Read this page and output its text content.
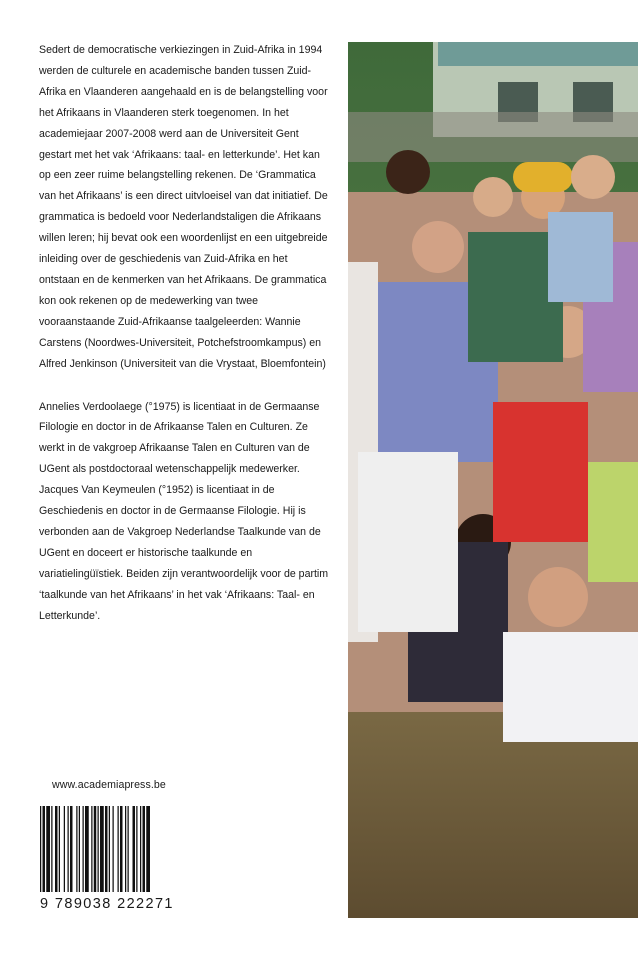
Sedert de democratische verkiezingen in Zuid-Afrika in 1994 werden de culturele en academische banden tussen Zuid-Afrika en Vlaanderen aangehaald en is de belangstelling voor het Afrikaans in Vlaanderen sterk toegenomen. In het academiejaar 2007-2008 werd aan de Universiteit Gent gestart met het vak ‘Afrikaans: taal- en letterkunde’. Het kan op een zeer ruime belangstelling rekenen. De ‘Grammatica van het Afrikaans’ is een direct uitvloeisel van dat initiatief. De grammatica is bedoeld voor Nederlandstaligen die Afrikaans willen leren; hij bevat ook een woordenlijst en een uitgebreide inleiding over de geschiedenis van Zuid-Afrika en het ontstaan en de kenmerken van het Afrikaans. De grammatica kon ook rekenen op de medewerking van twee vooraanstaande Zuid-Afrikaanse taalgeleerden: Wannie Carstens (Noordwes-Universiteit, Potchefstroomkampus) en Alfred Jenkinson (Universiteit van die Vrystaat, Bloemfontein)

Annelies Verdoolaege (°1975) is licentiaat in de Germaanse Filologie en doctor in de Afrikaanse Talen en Culturen. Ze werkt in de vakgroep Afrikaanse Talen en Culturen van de UGent als postdoctoraal wetenschappelijk medewerker. Jacques Van Keymeulen (°1952) is licentiaat in de Geschiedenis en doctor in de Germaanse Filologie. Hij is verbonden aan de Vakgroep Nederlandse Taalkunde van de UGent en doceert er historische taalkunde en variatielingüïstiek. Beiden zijn verantwoordelijk voor de partim ‘taalkunde van het Afrikaans’ in het vak ‘Afrikaans: Taal- en Letterkunde’.

www.academiapress.be
9 789038 222271
